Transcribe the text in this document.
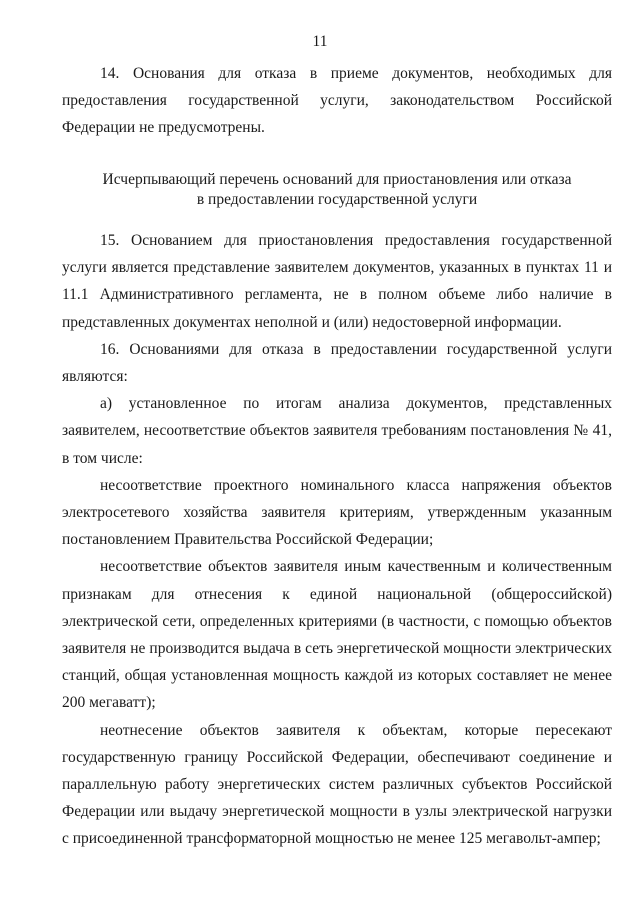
11

14. Основания для отказа в приеме документов, необходимых для предоставления государственной услуги, законодательством Российской Федерации не предусмотрены.

Исчерпывающий перечень оснований для приостановления или отказа
в предоставлении государственной услуги

15. Основанием для приостановления предоставления государственной услуги является представление заявителем документов, указанных в пунктах 11 и 11.1 Административного регламента, не в полном объеме либо наличие в представленных документах неполной и (или) недостоверной информации.

16. Основаниями для отказа в предоставлении государственной услуги являются:

а) установленное по итогам анализа документов, представленных заявителем, несоответствие объектов заявителя требованиям постановления № 41, в том числе:

несоответствие проектного номинального класса напряжения объектов электросетевого хозяйства заявителя критериям, утвержденным указанным постановлением Правительства Российской Федерации;

несоответствие объектов заявителя иным качественным и количественным признакам для отнесения к единой национальной (общероссийской) электрической сети, определенных критериями (в частности, с помощью объектов заявителя не производится выдача в сеть энергетической мощности электрических станций, общая установленная мощность каждой из которых составляет не менее 200 мегаватт);

неотнесение объектов заявителя к объектам, которые пересекают государственную границу Российской Федерации, обеспечивают соединение и параллельную работу энергетических систем различных субъектов Российской Федерации или выдачу энергетической мощности в узлы электрической нагрузки с присоединенной трансформаторной мощностью не менее 125 мегавольт-ампер;
